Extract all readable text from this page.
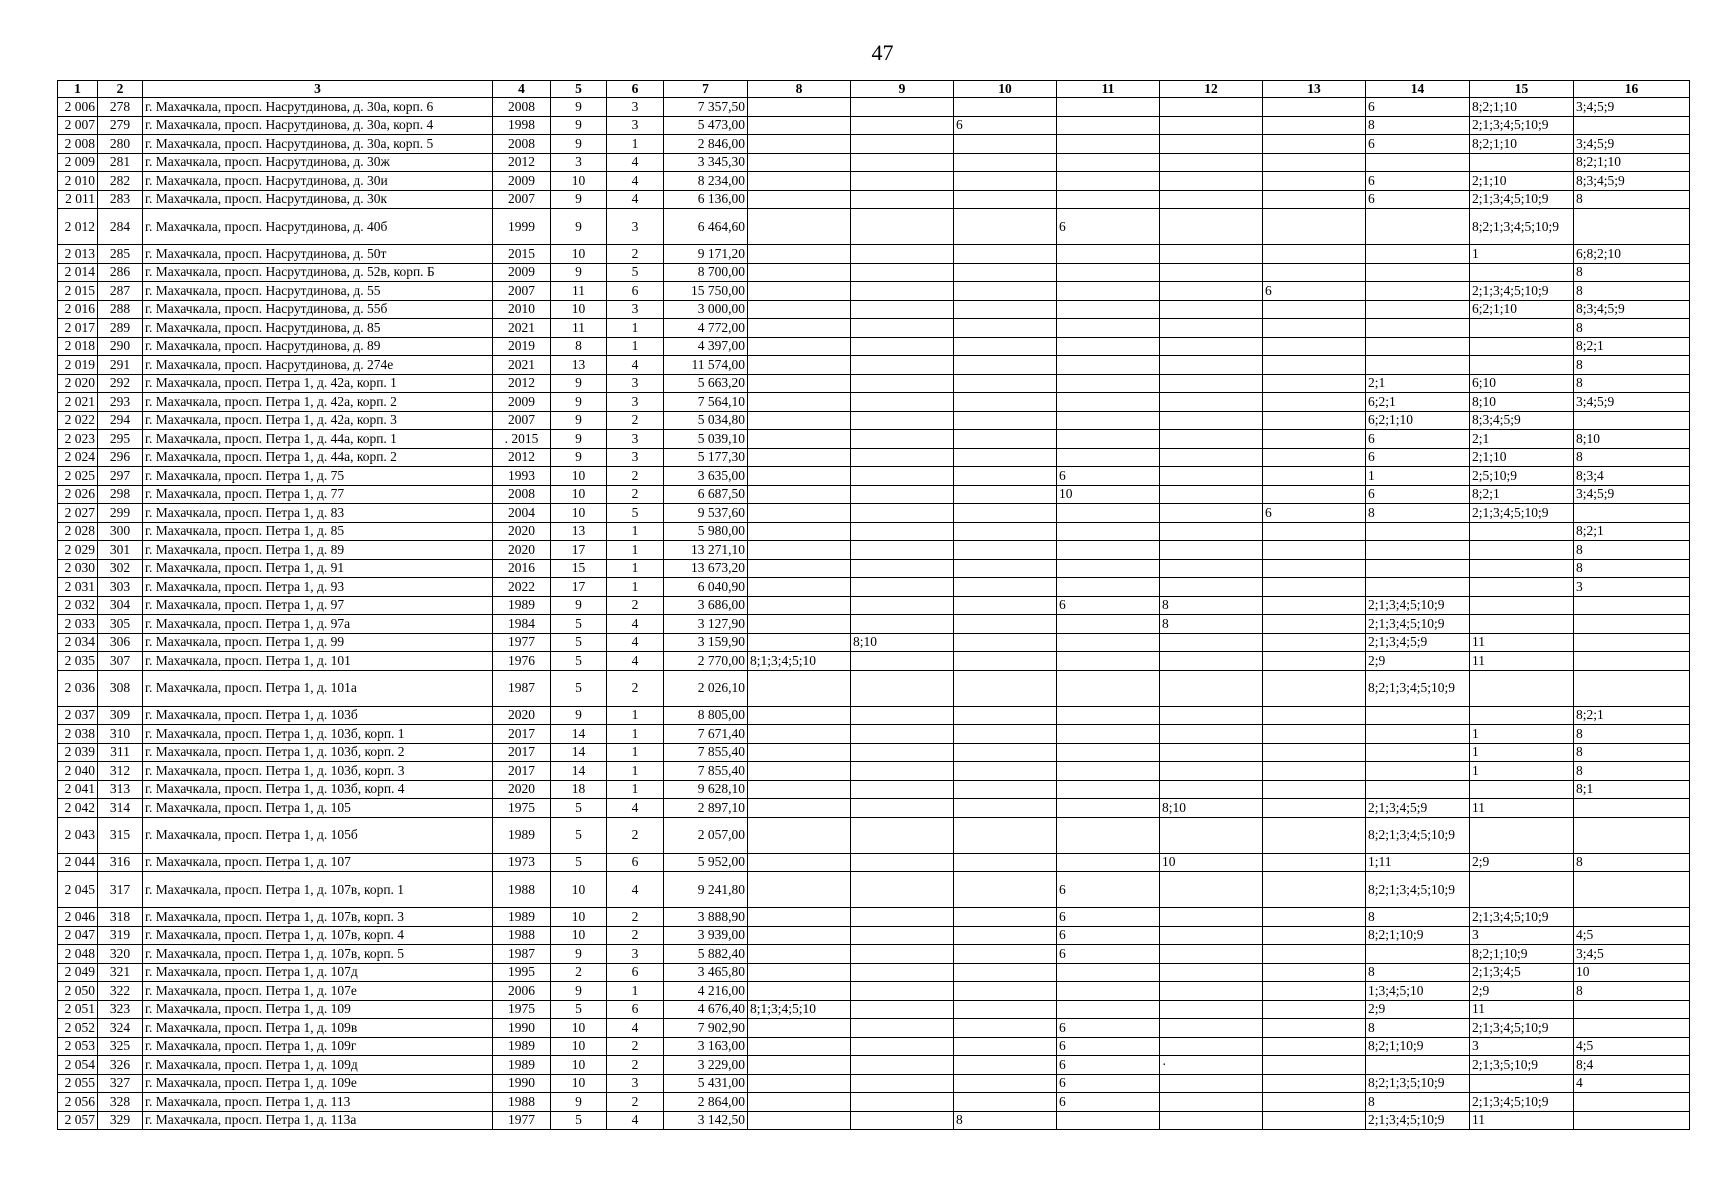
47
1	2	3	4	5	6	7	8	9	10	11	12	13	14	15	16
2 006	278	г. Махачкала, просп. Насрутдинова, д. 30а, корп. 6	2008	9	3	7 357,50							6	8;2;1;10	3;4;5;9
2 007	279	г. Махачкала, просп. Насрутдинова, д. 30а, корп. 4	1998	9	3	5 473,00			6				8	2;1;3;4;5;10;9	
2 008	280	г. Махачкала, просп. Насрутдинова, д. 30а, корп. 5	2008	9	1	2 846,00							6	8;2;1;10	3;4;5;9
2 009	281	г. Махачкала, просп. Насрутдинова, д. 30ж	2012	3	4	3 345,30									8;2;1;10
2 010	282	г. Махачкала, просп. Насрутдинова, д. 30и	2009	10	4	8 234,00							6	2;1;10	8;3;4;5;9
2 011	283	г. Махачкала, просп. Насрутдинова, д. 30к	2007	9	4	6 136,00							6	2;1;3;4;5;10;9	8
2 012	284	г. Махачкала, просп. Насрутдинова, д. 40б	1999	9	3	6 464,60				6				8;2;1;3;4;5;10;9	
2 013	285	г. Махачкала, просп. Насрутдинова, д. 50т	2015	10	2	9 171,20								1	6;8;2;10
2 014	286	г. Махачкала, просп. Насрутдинова, д. 52в, корп. Б	2009	9	5	8 700,00									8
2 015	287	г. Махачкала, просп. Насрутдинова, д. 55	2007	11	6	15 750,00						6		2;1;3;4;5;10;9	8
2 016	288	г. Махачкала, просп. Насрутдинова, д. 55б	2010	10	3	3 000,00								6;2;1;10	8;3;4;5;9
2 017	289	г. Махачкала, просп. Насрутдинова, д. 85	2021	11	1	4 772,00									8
2 018	290	г. Махачкала, просп. Насрутдинова, д. 89	2019	8	1	4 397,00									8;2;1
2 019	291	г. Махачкала, просп. Насрутдинова, д. 274е	2021	13	4	11 574,00									8
2 020	292	г. Махачкала, просп. Петра 1, д. 42а, корп. 1	2012	9	3	5 663,20							2;1	6;10	8
2 021	293	г. Махачкала, просп. Петра 1, д. 42а, корп. 2	2009	9	3	7 564,10							6;2;1	8;10	3;4;5;9
2 022	294	г. Махачкала, просп. Петра 1, д. 42а, корп. 3	2007	9	2	5 034,80							6;2;1;10	8;3;4;5;9	
2 023	295	г. Махачкала, просп. Петра 1, д. 44а, корп. 1	. 2015	9	3	5 039,10							6	2;1	8;10
2 024	296	г. Махачкала, просп. Петра 1, д. 44а, корп. 2	2012	9	3	5 177,30							6	2;1;10	8
2 025	297	г. Махачкала, просп. Петра 1, д. 75	1993	10	2	3 635,00				6			1	2;5;10;9	8;3;4
2 026	298	г. Махачкала, просп. Петра 1, д. 77	2008	10	2	6 687,50				10			6	8;2;1	3;4;5;9
2 027	299	г. Махачкала, просп. Петра 1, д. 83	2004	10	5	9 537,60						6	8	2;1;3;4;5;10;9	
2 028	300	г. Махачкала, просп. Петра 1, д. 85	2020	13	1	5 980,00									8;2;1
2 029	301	г. Махачкала, просп. Петра 1, д. 89	2020	17	1	13 271,10									8
2 030	302	г. Махачкала, просп. Петра 1, д. 91	2016	15	1	13 673,20									8
2 031	303	г. Махачкала, просп. Петра 1, д. 93	2022	17	1	6 040,90									3
2 032	304	г. Махачкала, просп. Петра 1, д. 97	1989	9	2	3 686,00				6	8		2;1;3;4;5;10;9		
2 033	305	г. Махачкала, просп. Петра 1, д. 97а	1984	5	4	3 127,90					8		2;1;3;4;5;10;9		
2 034	306	г. Махачкала, просп. Петра 1, д. 99	1977	5	4	3 159,90		8;10					2;1;3;4;5;9	11	
2 035	307	г. Махачкала, просп. Петра 1, д. 101	1976	5	4	2 770,00	8;1;3;4;5;10						2;9	11	
2 036	308	г. Махачкала, просп. Петра 1, д. 101а	1987	5	2	2 026,10							8;2;1;3;4;5;10;9		
2 037	309	г. Махачкала, просп. Петра 1, д. 103б	2020	9	1	8 805,00									8;2;1
2 038	310	г. Махачкала, просп. Петра 1, д. 103б, корп. 1	2017	14	1	7 671,40								1	8
2 039	311	г. Махачкала, просп. Петра 1, д. 103б, корп. 2	2017	14	1	7 855,40								1	8
2 040	312	г. Махачкала, просп. Петра 1, д. 103б, корп. 3	2017	14	1	7 855,40								1	8
2 041	313	г. Махачкала, просп. Петра 1, д. 103б, корп. 4	2020	18	1	9 628,10									8;1
2 042	314	г. Махачкала, просп. Петра 1, д. 105	1975	5	4	2 897,10					8;10		2;1;3;4;5;9	11	
2 043	315	г. Махачкала, просп. Петра 1, д. 105б	1989	5	2	2 057,00							8;2;1;3;4;5;10;9		
2 044	316	г. Махачкала, просп. Петра 1, д. 107	1973	5	6	5 952,00					10		1;11	2;9	8
2 045	317	г. Махачкала, просп. Петра 1, д. 107в, корп. 1	1988	10	4	9 241,80				6			8;2;1;3;4;5;10;9		
2 046	318	г. Махачкала, просп. Петра 1, д. 107в, корп. 3	1989	10	2	3 888,90				6			8	2;1;3;4;5;10;9	
2 047	319	г. Махачкала, просп. Петра 1, д. 107в, корп. 4	1988	10	2	3 939,00				6			8;2;1;10;9	3	4;5
2 048	320	г. Махачкала, просп. Петра 1, д. 107в, корп. 5	1987	9	3	5 882,40				6				8;2;1;10;9	3;4;5
2 049	321	г. Махачкала, просп. Петра 1, д. 107д	1995	2	6	3 465,80							8	2;1;3;4;5	10
2 050	322	г. Махачкала, просп. Петра 1, д. 107е	2006	9	1	4 216,00							1;3;4;5;10	2;9	8
2 051	323	г. Махачкала, просп. Петра 1, д. 109	1975	5	6	4 676,40	8;1;3;4;5;10						2;9	11	
2 052	324	г. Махачкала, просп. Петра 1, д. 109в	1990	10	4	7 902,90				6			8	2;1;3;4;5;10;9	
2 053	325	г. Махачкала, просп. Петра 1, д. 109г	1989	10	2	3 163,00				6			8;2;1;10;9	3	4;5
2 054	326	г. Махачкала, просп. Петра 1, д. 109д	1989	10	2	3 229,00				6	·			2;1;3;5;10;9	8;4
2 055	327	г. Махачкала, просп. Петра 1, д. 109е	1990	10	3	5 431,00				6			8;2;1;3;5;10;9		4
2 056	328	г. Махачкала, просп. Петра 1, д. 113	1988	9	2	2 864,00				6			8	2;1;3;4;5;10;9	
2 057	329	г. Махачкала, просп. Петра 1, д. 113а	1977	5	4	3 142,50			8				2;1;3;4;5;10;9	11	
